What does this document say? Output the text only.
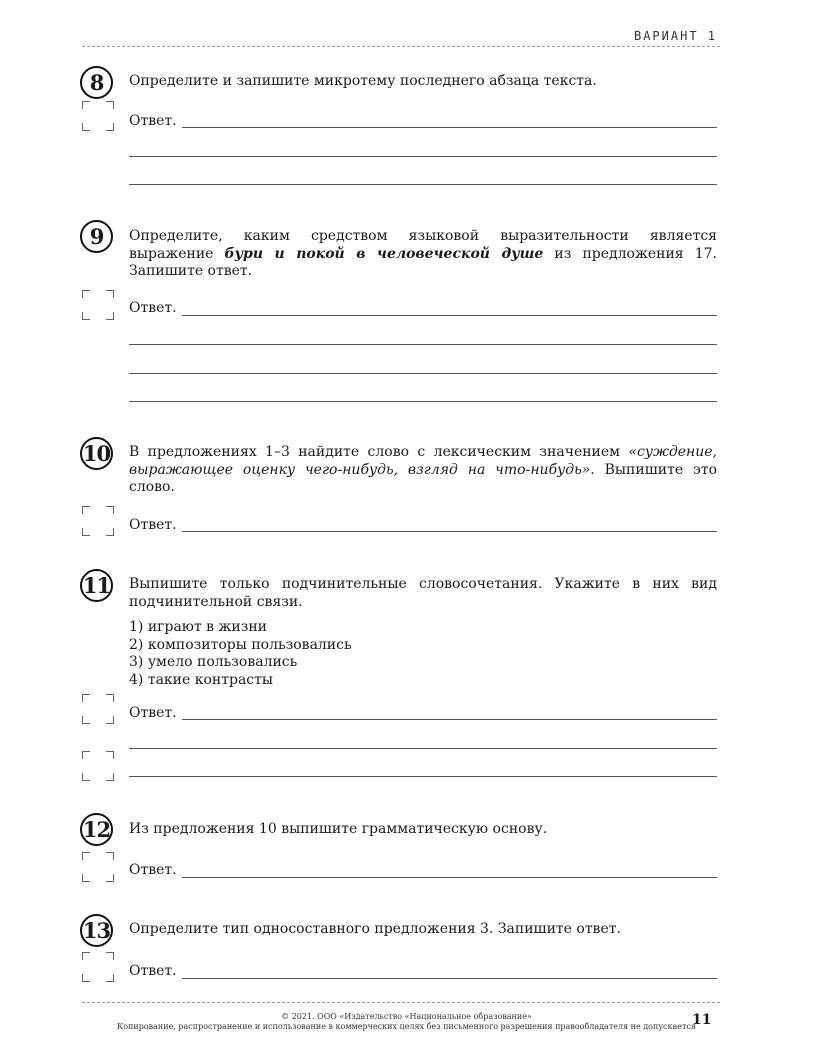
ВАРИАНТ 1
8	Определите и запишите микротему последнего абзаца текста.
Ответ.
9	Определите, каким средством языковой выразительности является выражение бури и покой в человеческой душе из предложения 17. Запишите ответ.
Ответ.
10 В предложениях 1–3 найдите слово с лексическим значением «суждение, выражающее оценку чего-нибудь, взгляд на что-нибудь». Выпишите это слово.
Ответ.
11 Выпишите только подчинительные словосочетания. Укажите в них вид подчинительной связи.
1) играют в жизни
2) композиторы пользовались
3) умело пользовались
4) такие контрасты
Ответ.
12 Из предложения 10 выпишите грамматическую основу.
Ответ.
13 Определите тип односоставного предложения 3. Запишите ответ.
Ответ.
© 2021. ООО «Издательство «Национальное образование»
Копирование, распространение и использование в коммерческих целях без письменного разрешения правообладателя не допускается
11
